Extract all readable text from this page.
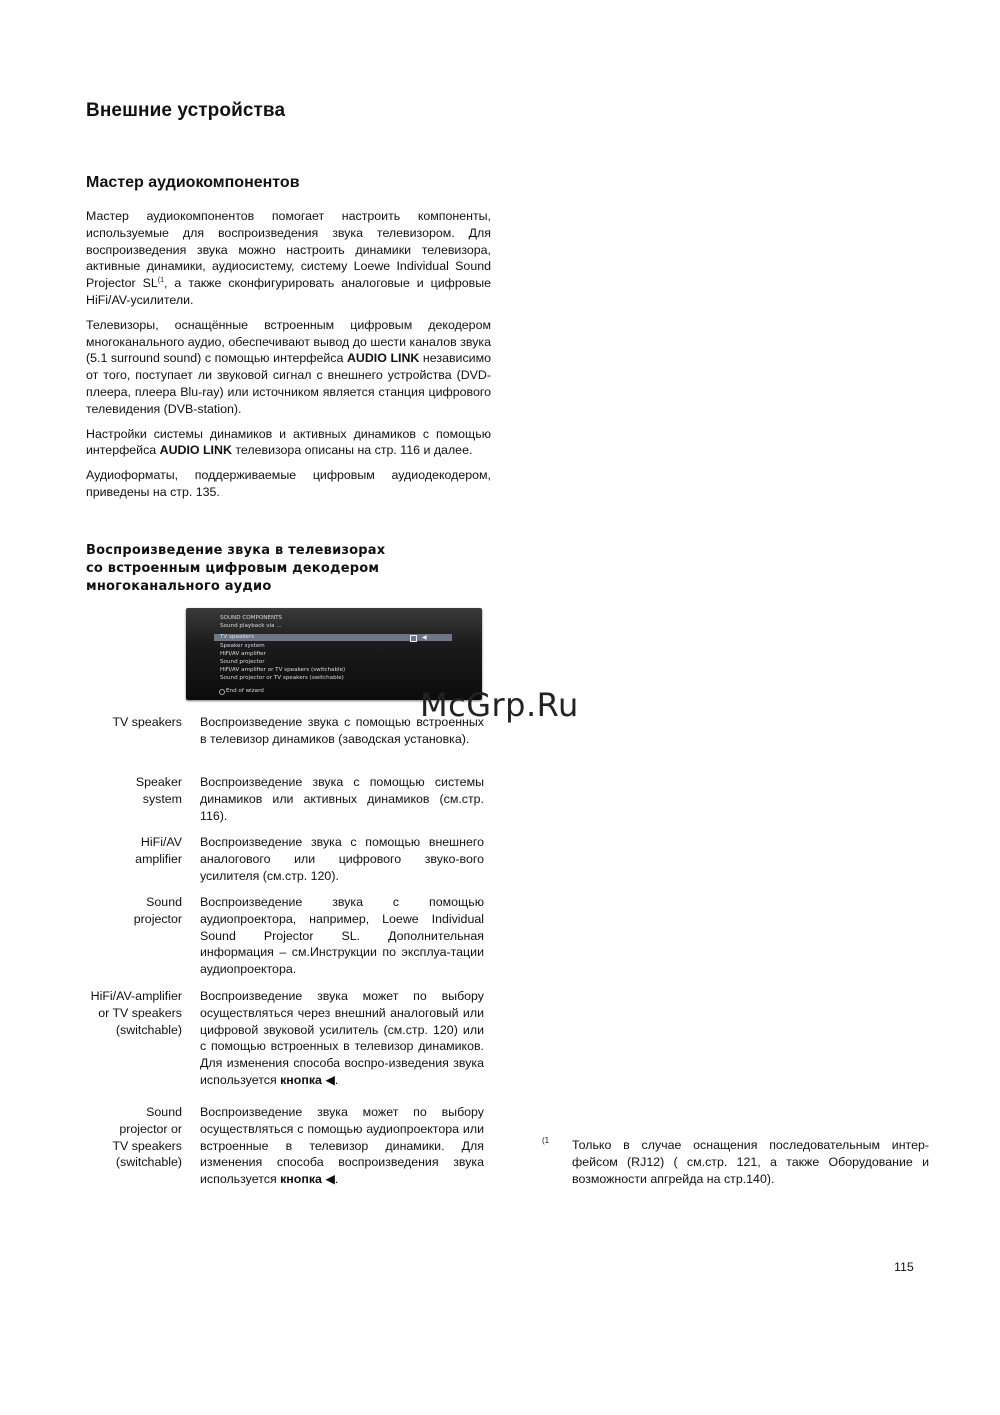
Внешние устройства
Мастер аудиокомпонентов

Мастер аудиокомпонентов помогает настроить компоненты, используемые для воспроизведения звука телевизором. Для воспроизведения звука можно настроить динамики телевизора, активные динамики, аудиосистему, систему Loewe Individual Sound Projector SL$^{(1}$, а также сконфигурировать аналоговые и цифровые HiFi/AV-усилители.

Телевизоры, оснащённые встроенным цифровым декодером многоканального аудио, обеспечивают вывод до шести каналов звука (5.1 surround sound) с помощью интерфейса AUDIO LINK независимо от того, поступает ли звуковой сигнал с внешнего устройства (DVD-плеера, плеера Blu-ray) или источником является станция цифрового телевидения (DVB-station).

Настройки системы динамиков и активных динамиков с помощью интерфейса AUDIO LINK телевизора описаны на стр. 116 и далее.

Аудиоформаты, поддерживаемые цифровым аудиодекодером, приведены на стр. 135.

Воспроизведение звука в телевизорах
со встроенным цифровым декодером
многоканального аудио
SOUND COMPONENTS
Sound playback via ...
TV speakers	◀
Speaker system
HiFi/AV amplifier
Sound projector
HiFi/AV amplifier or TV speakers (switchable)
Sound projector or TV speakers (switchable)
End of wizard
TV speakers Воспроизведение звука с помощью встроенных в телевизор динамиков (заводская установка).
Speaker system
Воспроизведение звука с помощью системы динамиков или активных динамиков (см.стр. 116).
HiFi/AV amplifier
Воспроизведение звука с помощью внешнего аналогового или цифрового звуко-вого усилителя (см.стр. 120).
Sound projector
Воспроизведение звука с помощью аудиопроектора, например, Loewe Individual Sound Projector SL. Дополнительная информация – см.Инструкции по эксплуа-тации аудиопроектора.
HiFi/AV-amplifier or TV speakers (switchable)
Воспроизведение звука может по выбору осуществляться через внешний аналоговый или цифровой звуковой усилитель (см.стр. 120) или с помощью встроенных в телевизор динамиков. Для изменения способа воспро-изведения звука используется кнопка ◀.
Sound projector or TV speakers (switchable)
Воспроизведение звука может по выбору осуществляться с помощью аудиопроектора или встроенные в телевизор динамики. Для изменения способа воспроизведения звука используется кнопка ◀.
McGrp.Ru
(1 Только в случае оснащения последовательным интер-фейсом (RJ12) ( см.стр. 121, а также Оборудование и возможности апгрейда на стр.140).
115
